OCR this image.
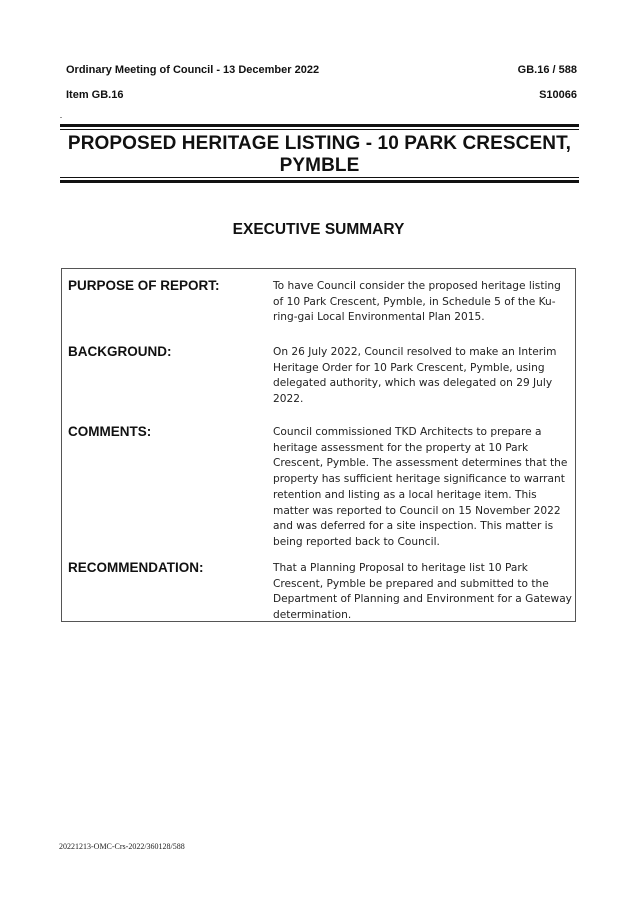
Ordinary Meeting of Council - 13 December 2022	GB.16 / 588
Item GB.16	S10066
PROPOSED HERITAGE LISTING - 10 PARK CRESCENT,
PYMBLE
EXECUTIVE SUMMARY
PURPOSE OF REPORT:	To have Council consider the proposed heritage listing of 10 Park Crescent, Pymble, in Schedule 5 of the Ku-ring-gai Local Environmental Plan 2015.
BACKGROUND:	On 26 July 2022, Council resolved to make an Interim Heritage Order for 10 Park Crescent, Pymble, using delegated authority, which was delegated on 29 July 2022.
COMMENTS:	Council commissioned TKD Architects to prepare a heritage assessment for the property at 10 Park Crescent, Pymble. The assessment determines that the property has sufficient heritage significance to warrant retention and listing as a local heritage item. This matter was reported to Council on 15 November 2022 and was deferred for a site inspection. This matter is being reported back to Council.
RECOMMENDATION:	That a Planning Proposal to heritage list 10 Park Crescent, Pymble be prepared and submitted to the Department of Planning and Environment for a Gateway determination.
20221213-OMC-Crs-2022/360128/588
